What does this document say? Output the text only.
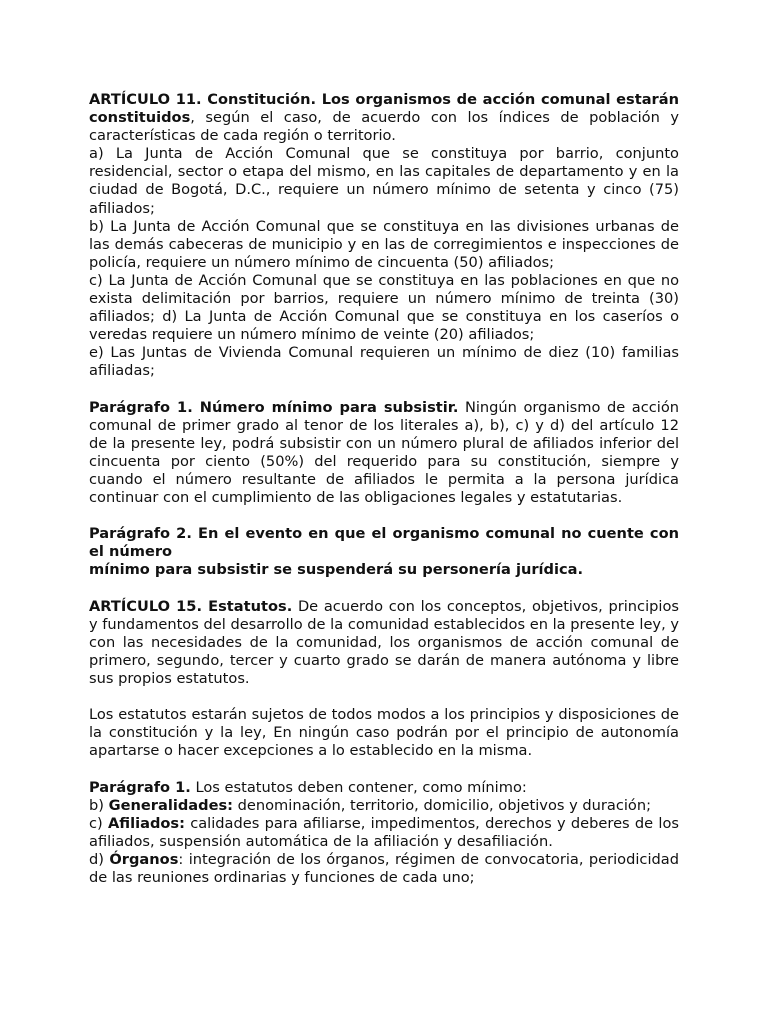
ARTÍCULO 11. Constitución. Los organismos de acción comunal estarán constituidos, según el caso, de acuerdo con los índices de población y características de cada región o territorio.

a) La Junta de Acción Comunal que se constituya por barrio, conjunto residencial, sector o etapa del mismo, en las capitales de departamento y en la ciudad de Bogotá, D.C., requiere un número mínimo de setenta y cinco (75) afiliados;

b) La Junta de Acción Comunal que se constituya en las divisiones urbanas de las demás cabeceras de municipio y en las de corregimientos e inspecciones de policía, requiere un número mínimo de cincuenta (50) afiliados;

c) La Junta de Acción Comunal que se constituya en las poblaciones en que no exista delimitación por barrios, requiere un número mínimo de treinta (30) afiliados; d) La Junta de Acción Comunal que se constituya en los caseríos o veredas requiere un número mínimo de veinte (20) afiliados;

e) Las Juntas de Vivienda Comunal requieren un mínimo de diez (10) familias afiliadas;

Parágrafo 1. Número mínimo para subsistir. Ningún organismo de acción comunal de primer grado al tenor de los literales a), b), c) y d) del artículo 12 de la presente ley, podrá subsistir con un número plural de afiliados inferior del cincuenta por ciento (50%) del requerido para su constitución, siempre y cuando el número resultante de afiliados le permita a la persona jurídica continuar con el cumplimiento de las obligaciones legales y estatutarias.

Parágrafo 2. En el evento en que el organismo comunal no cuente con el número
mínimo para subsistir se suspenderá su personería jurídica.

ARTÍCULO 15. Estatutos. De acuerdo con los conceptos, objetivos, principios y fundamentos del desarrollo de la comunidad establecidos en la presente ley, y con las necesidades de la comunidad, los organismos de acción comunal de primero, segundo, tercer y cuarto grado se darán de manera autónoma y libre sus propios estatutos.

Los estatutos estarán sujetos de todos modos a los principios y disposiciones de la constitución y la ley, En ningún caso podrán por el principio de autonomía apartarse o hacer excepciones a lo establecido en la misma.

Parágrafo 1. Los estatutos deben contener, como mínimo:

b) Generalidades: denominación, territorio, domicilio, objetivos y duración;

c) Afiliados: calidades para afiliarse, impedimentos, derechos y deberes de los afiliados, suspensión automática de la afiliación y desafiliación.

d) Órganos: integración de los órganos, régimen de convocatoria, periodicidad de las reuniones ordinarias y funciones de cada uno;
